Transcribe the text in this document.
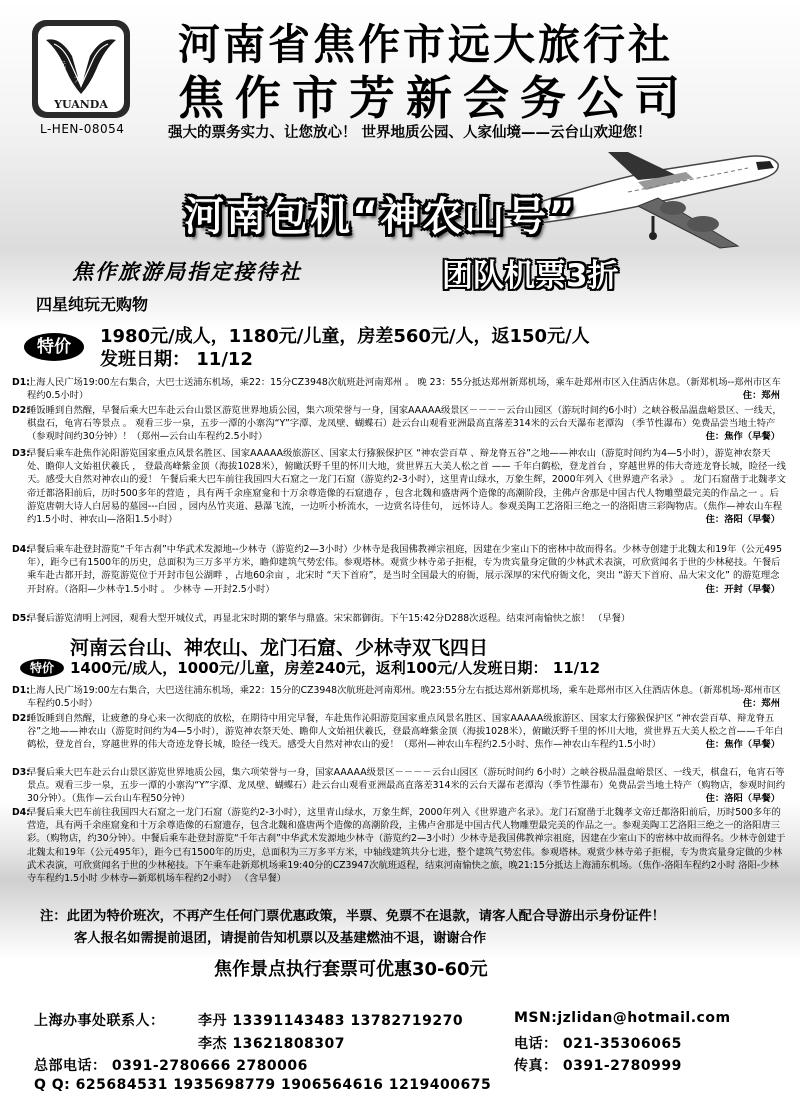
远
大
YUANDA
L-HEN-08054
河南省焦作市远大旅行社
焦作市芳新会务公司
强大的票务实力、让您放心！ 世界地质公园、人家仙境——云台山欢迎您！
河南包机“神农山号”
焦作旅游局指定接待社	团队机票3折
四星纯玩无购物
特价	1980元/成人，1180元/儿童，房差560元/人，返150元/人
发班日期： 11/12
D1:
上海人民广场19:00左右集合，大巴士送浦东机场，乘22：15分CZ3948次航班赴河南郑州 。 晚 23：55分抵达郑州新郑机场，乘车赴郑州市区入住酒店休息。（新郑机场--郑州市区车程约0.5小时）	住：郑州
D2:
睡饭睡到自然醒，早餐后乘大巴车赴云台山景区游览世界地质公园，集六项荣誉与一身，国家AAAAA级景区－－－－云台山园区（游玩时间约6小时）之峡谷极品温盘峪景区、一线天，棋盘石，龟宵石等景点 。 观看三步一泉，五步一潭的小寨沟“Y”字潭、龙凤壁、蝴蝶石）赴云台山观看亚洲最高直落差314米的云台天瀑布老潭沟 （季节性瀑布）免费品尝当地土特产（参观时间约30分钟）！（郑州—云台山车程约2.5小时）	住：焦作（早餐）
D3:
早餐后乘车赴焦作沁阳游览国家重点风景名胜区、国家AAAAA级旅游区、国家太行猕猴保护区 “神农尝百草 、辩龙脊五谷”之地——神农山（游览时间约为4—5小时），游览神农祭天处、瞻仰人文始祖伏羲氏 ， 登最高峰紫金顶（海拔1028米），俯瞰沃野千里的怀川大地，赏世界五大美人松之首 —— 千年白鹤松，登龙首台 ，穿越世界的伟大奇迹龙脊长城，睑径一线天。感受大自然对神农山的爱！ 午餐后乘大巴车前往我国四大石窟之一龙门石窟（游览约2-3小时），这里青山绿水，万象生辉，2000年列入《世界遗产名录》 。 龙门石窟凿于北魏孝文帝迁都洛阳前后，历时500多年的营造 ，具有两千余座窟龛和十万余尊造像的石窟遗存 ，包含北魏和盛唐两个造像的高潮阶段，主佛卢舍那是中国古代人物雕塑最完美的作品之一 。后游览唐朝大诗人白居易的墓园---白园 ，园内丛竹夹道、悬瀑飞流，一边听小桥流水，一边赏名诗佳句， 远怀诗人。参观美陶工艺洛阳三绝之一的洛阳唐三彩陶物店。（焦作—神农山车程约1.5小时、神农山—洛阳1.5小时）	住：洛阳（早餐）
D4:
早餐后乘车赴登封游览“千年古刹”中华武术发源地--少林寺（游览约2—3小时）少林寺是我国佛教禅宗祖庭，因建在少室山下的密林中故而得名。少林寺创建于北魏太和19年（公元495年），距今已有1500年的历史，总面积为三万多平方米，瞻仰建筑气势宏伟。参观塔林。观赏少林寺弟子拒棍，专为贵宾量身定做的少林武术表演，可欣赏闻名于世的少林秘技。午餐后乘车赴古都开封，游览游览位于开封市包公湖畔 ，占地60余亩 ，北宋时 “天下首府”，是当时全国最大的府衙，展示深厚的宋代府衙文化，突出 “游天下首府、品大宋文化” 的游览理念开封府。（洛阳—少林寺1.5小时 。 少林寺 —开封2.5小时）	住：开封（早餐）
D5:
早餐后游览清明上河园，观看大型开城仪式，再显北宋时期的繁华与鼎盛。宋宋都御街。下午15:42分D288次返程。结束河南愉快之旅！ （早餐）
河南云台山、神农山、龙门石窟、少林寺双飞四日
特价	1400元/成人，1000元/儿童，房差240元，返利100元/人发班日期： 11/12
D1:
上海人民广场19:00左右集合，大巴送往浦东机场，乘22：15分的CZ3948次航班赴河南郑州。晚23:55分左右抵达郑州新郑机场，乘车赴郑州市区入住酒店休息。（新郑机场-郑州市区车程约0.5小时）	住：郑州
D2:
睡饭睡到自然醒，让疲惫的身心来一次彻底的放松，在期待中用完早餐，车赴焦作沁阳游览国家重点风景名胜区、国家AAAAA级旅游区、国家太行猕猴保护区 “神农尝百草、辩龙脊五谷”之地——神农山（游览时间约为4—5小时），游览神农祭天处、瞻仰人文始祖伏羲氏，登最高峰紫金顶（海拔1028米），俯瞰沃野千里的怀川大地，赏世界五大美人松之首——千年白鹤松，登龙首台，穿越世界的伟大奇迹龙脊长城，睑径一线天。感受大自然对神农山的爱！（郑州—神农山车程约2.5小时、焦作—神农山车程约1.5小时）	住：焦作（早餐）
D3:
早餐后乘大巴车赴云台山景区游览世界地质公园，集六项荣誉与一身，国家AAAAA级景区－－－－云台山园区（游玩时间约 6小时）之峡谷极品温盘峪景区、一线天，棋盘石，龟宵石等景点。观看三步一泉，五步一潭的小寨沟“Y”字潭、龙凤壁、蝴蝶石）赴云台山观看亚洲最高直落差314米的云台天瀑布老潭沟（季节性瀑布）免费品尝当地土特产（购物店，参观时间约30分钟）。（焦作—云台山车程50分钟）	住：洛阳（早餐）
D4:
早餐后乘大巴车前往我国四大石窟之一龙门石窟（游览约2-3小时），这里青山绿水，万象生辉，2000年列入《世界遗产名录》。龙门石窟凿于北魏孝文帝迁都洛阳前后，历时500多年的营造，具有两千余座窟龛和十万余尊造像的石窟遗存，包含北魏和盛唐两个造像的高潮阶段，主佛卢舍那是中国古代人物雕塑最完美的作品之一。参观美陶工艺洛阳三绝之一的洛阳唐三彩。（购物店，约30分钟）。中餐后乘车赴登封游览“千年古刹”中华武术发源地少林寺（游览约2—3小时）少林寺是我国佛教禅宗祖庭，因建在少室山下的密林中故而得名。少林寺创建于北魏太和19年（公元495年），距今已有1500年的历史，总面积为三万多平方米，中轴线建筑共分七进，整个建筑气势宏伟。参观塔林。观赏少林寺弟子拒棍，专为贵宾量身定做的少林武术表演，可欣赏闻名于世的少林秘技。下午乘车赴新郑机场乘19:40分的CZ3947次航班返程，结束河南愉快之旅，晚21:15分抵达上海浦东机场。（焦作-洛阳车程约2小时 洛阳-少林寺车程约1.5小时 少林寺—新郑机场车程约2小时） （含早餐）
注：此团为特价班次，不再产生任何门票优惠政策，半票、免票不在退款，请客人配合导游出示身份证件！
客人报名如需提前退团，请提前告知机票以及基建燃油不退，谢谢合作
焦作景点执行套票可优惠30-60元
上海办事处联系人： 李丹 13391143483 13782719270	MSN:jzlidan@hotmail.com
李杰 13621808307	电话： 021-35306065
总部电话： 0391-2780666 2780006	传真： 0391-2780999
Q Q: 625684531 1935698779 1906564616 1219400675
